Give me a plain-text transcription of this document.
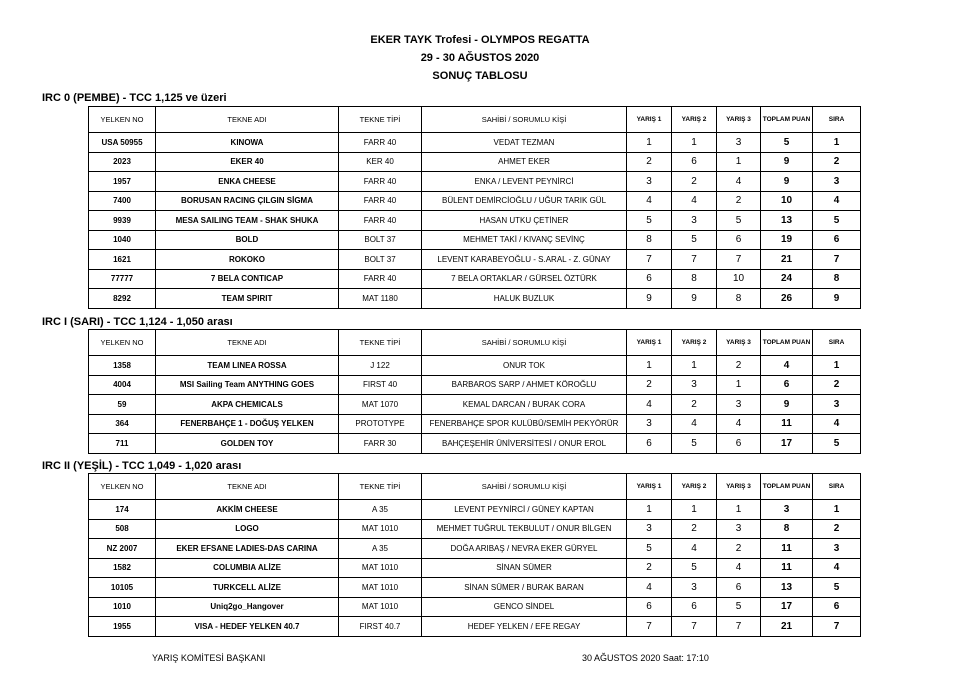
EKER TAYK Trofesi - OLYMPOS REGATTA
29 - 30 AĞUSTOS 2020
SONUÇ TABLOSU
IRC 0 (PEMBE) - TCC 1,125 ve üzeri
YELKEN NO	TEKNE ADI	TEKNE TİPİ	SAHİBİ / SORUMLU KİŞİ	YARIŞ 1	YARIŞ 2	YARIŞ 3	TOPLAM PUAN	SIRA
USA 50955	KINOWA	FARR 40	VEDAT TEZMAN	1	1	3	5	1
2023	EKER 40	KER 40	AHMET EKER	2	6	1	9	2
1957	ENKA CHEESE	FARR 40	ENKA / LEVENT PEYNİRCİ	3	2	4	9	3
7400	BORUSAN RACING ÇILGIN SİGMA	FARR 40	BÜLENT DEMİRCİOĞLU / UĞUR TARIK GÜL	4	4	2	10	4
9939	MESA SAILING TEAM - SHAK SHUKA	FARR 40	HASAN UTKU ÇETİNER	5	3	5	13	5
1040	BOLD	BOLT 37	MEHMET TAKİ / KIVANÇ SEVİNÇ	8	5	6	19	6
1621	ROKOKO	BOLT 37	LEVENT KARABEYOĞLU - S.ARAL - Z. GÜNAY	7	7	7	21	7
77777	7 BELA CONTICAP	FARR 40	7 BELA ORTAKLAR / GÜRSEL ÖZTÜRK	6	8	10	24	8
8292	TEAM SPIRIT	MAT 1180	HALUK BUZLUK	9	9	8	26	9
IRC I (SARI) - TCC 1,124 - 1,050 arası
YELKEN NO	TEKNE ADI	TEKNE TİPİ	SAHİBİ / SORUMLU KİŞİ	YARIŞ 1	YARIŞ 2	YARIŞ 3	TOPLAM PUAN	SIRA
1358	TEAM LINEA ROSSA	J 122	ONUR TOK	1	1	2	4	1
4004	MSI Sailing Team ANYTHING GOES	FIRST 40	BARBAROS SARP / AHMET KÖROĞLU	2	3	1	6	2
59	AKPA CHEMICALS	MAT 1070	KEMAL DARCAN / BURAK CORA	4	2	3	9	3
364	FENERBAHÇE 1 - DOĞUŞ YELKEN	PROTOTYPE	FENERBAHÇE SPOR KULÜBÜ/SEMİH PEKYÖRÜR	3	4	4	11	4
711	GOLDEN TOY	FARR 30	BAHÇEŞEHİR ÜNİVERSİTESİ / ONUR EROL	6	5	6	17	5
IRC II (YEŞİL) - TCC 1,049 - 1,020 arası
YELKEN NO	TEKNE ADI	TEKNE TİPİ	SAHİBİ / SORUMLU KİŞİ	YARIŞ 1	YARIŞ 2	YARIŞ 3	TOPLAM PUAN	SIRA
174	AKKİM CHEESE	A 35	LEVENT PEYNİRCİ / GÜNEY KAPTAN	1	1	1	3	1
508	LOGO	MAT 1010	MEHMET TUĞRUL TEKBULUT / ONUR BİLGEN	3	2	3	8	2
NZ 2007	EKER EFSANE LADIES-DAS CARINA	A 35	DOĞA ARIBAŞ / NEVRA EKER GÜRYEL	5	4	2	11	3
1582	COLUMBIA ALİZE	MAT 1010	SİNAN SÜMER	2	5	4	11	4
10105	TURKCELL ALİZE	MAT 1010	SİNAN SÜMER / BURAK BARAN	4	3	6	13	5
1010	Uniq2go_Hangover	MAT 1010	GENCO SİNDEL	6	6	5	17	6
1955	VISA - HEDEF YELKEN 40.7	FIRST 40.7	HEDEF YELKEN / EFE REGAY	7	7	7	21	7
YARIŞ KOMİTESİ BAŞKANI	30 AĞUSTOS 2020 Saat: 17:10
